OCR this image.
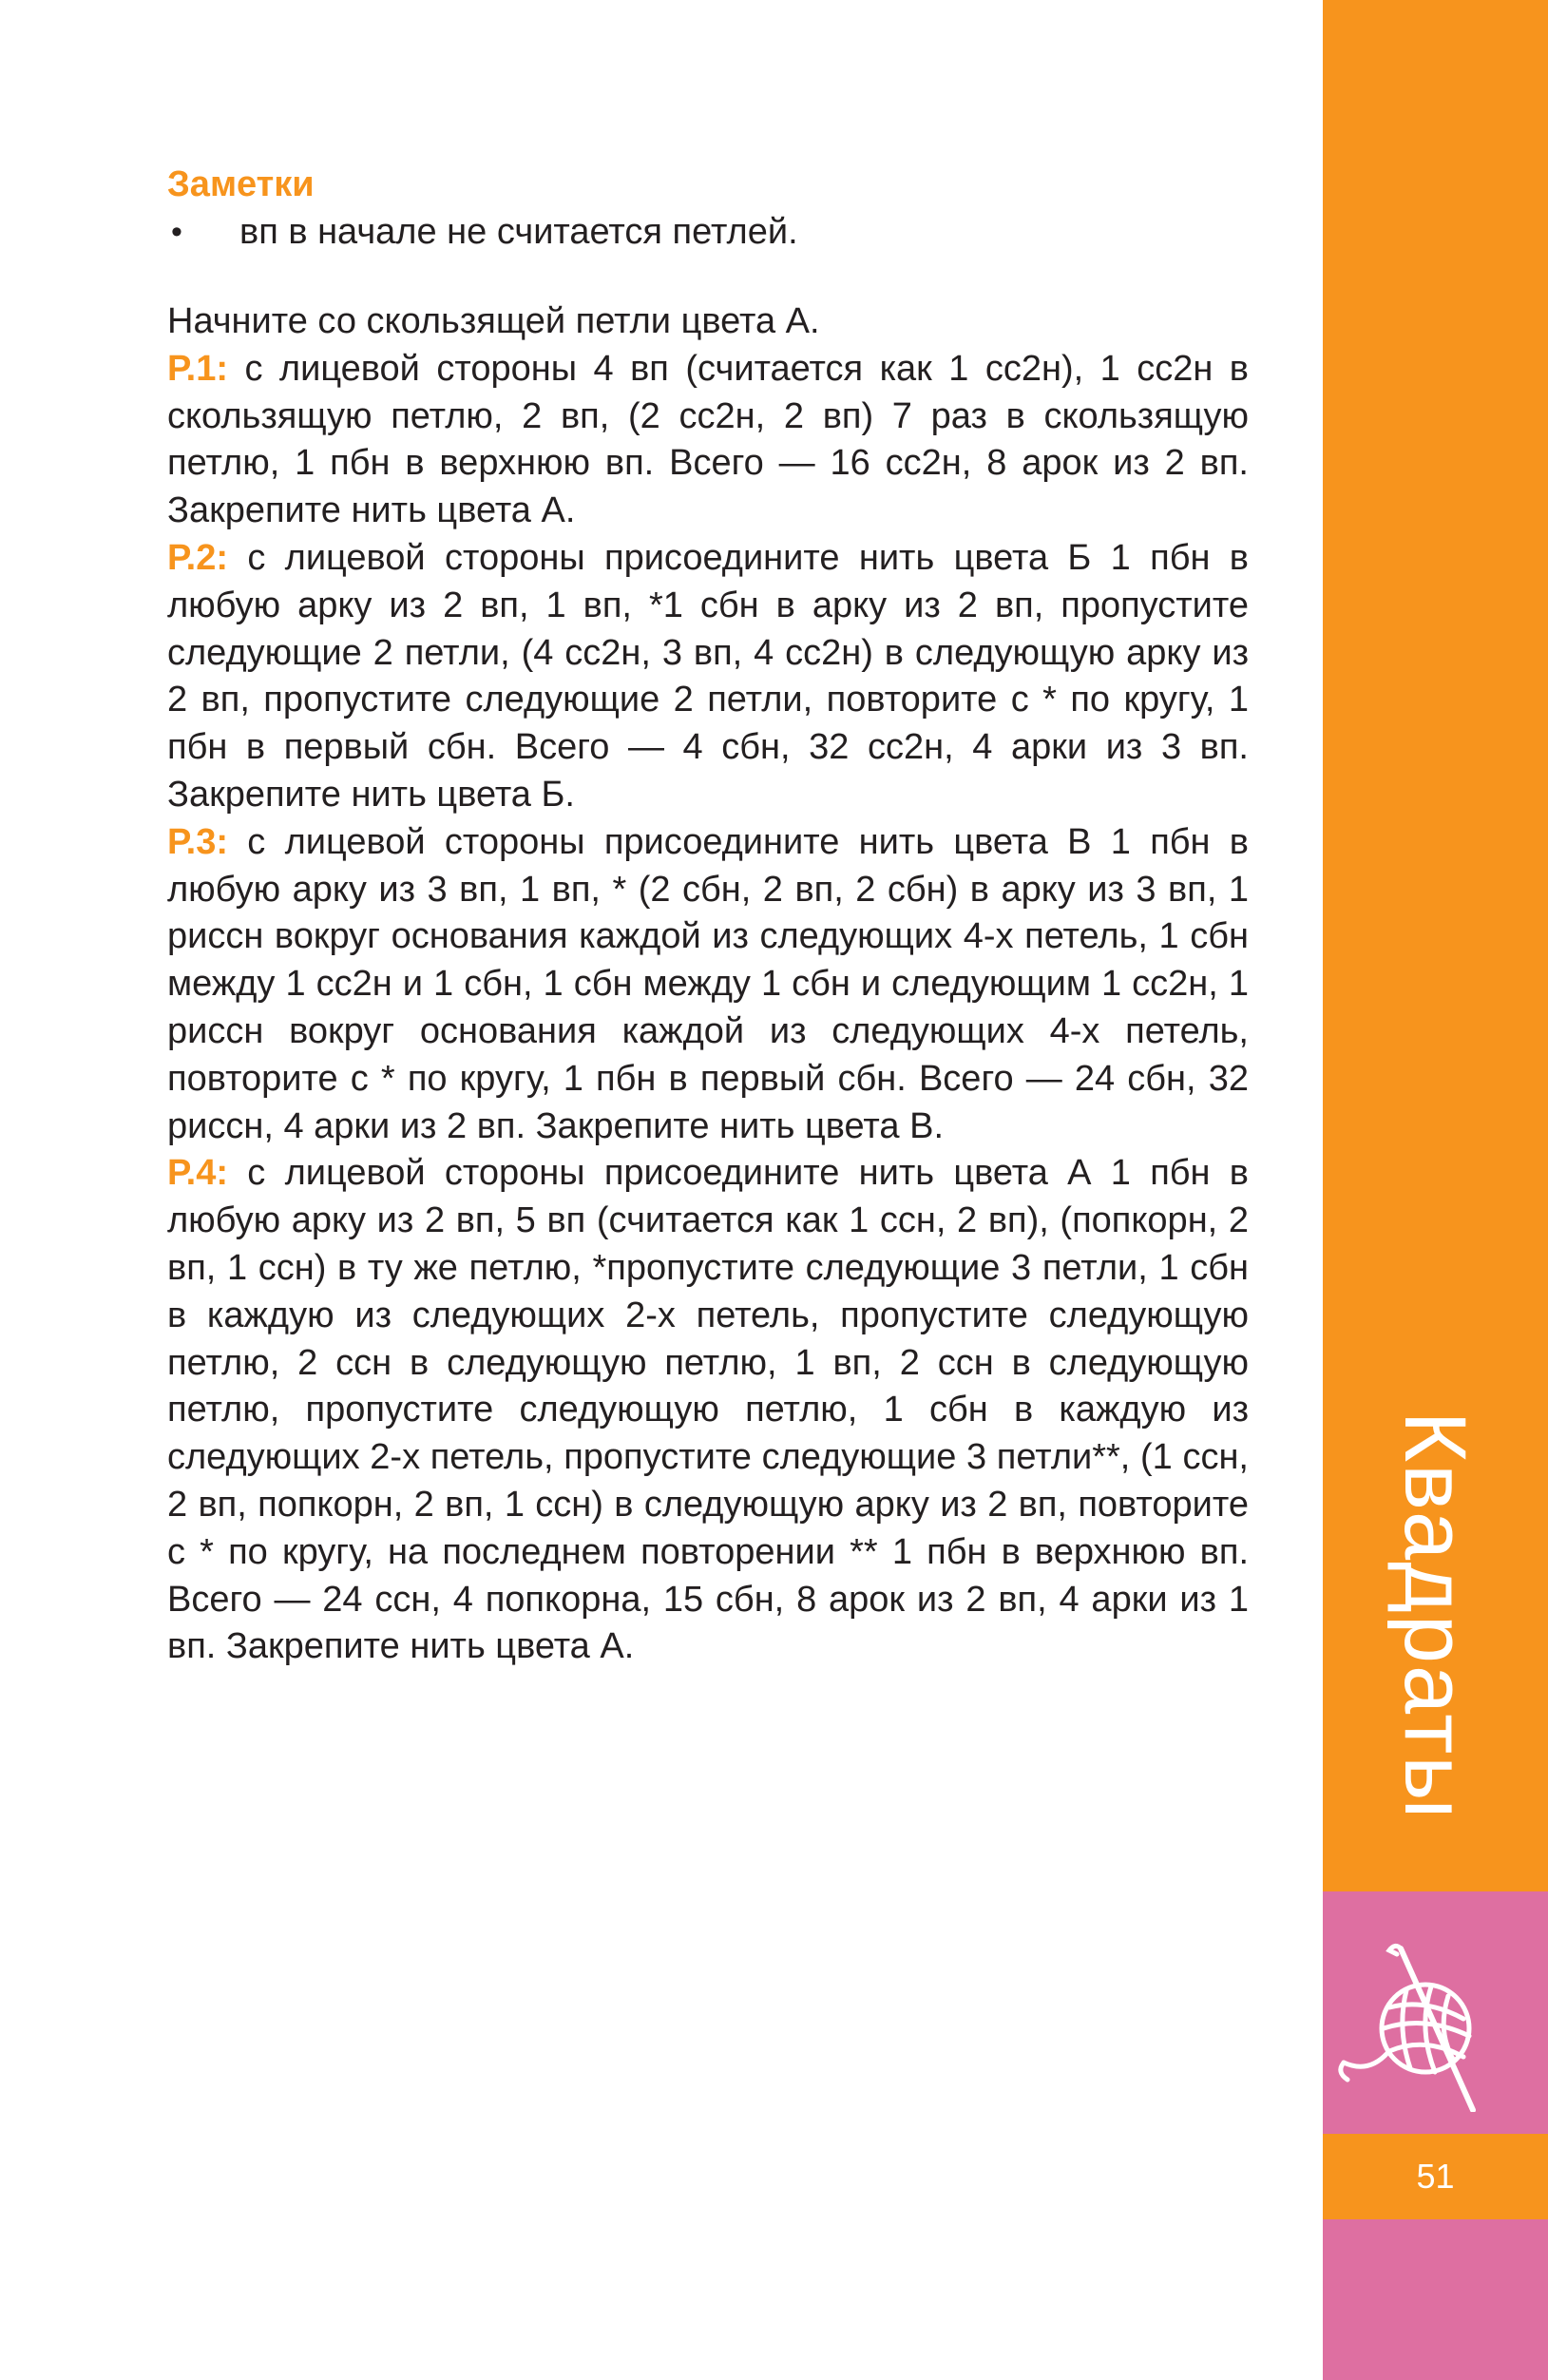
Заметки

• вп в начале не считается петлей.

Начните со скользящей петли цвета А.

Р.1: с лицевой стороны 4 вп (считается как 1 сс2н), 1 сс2н в скользящую петлю, 2 вп, (2 сс2н, 2 вп) 7 раз в скользящую петлю, 1 пбн в верхнюю вп. Всего — 16 сс2н, 8 арок из 2 вп. Закрепите нить цвета А.

Р.2: с лицевой стороны присоедините нить цвета Б 1 пбн в любую арку из 2 вп, 1 вп, *1 сбн в арку из 2 вп, пропустите следующие 2 петли, (4 сс2н, 3 вп, 4 сс2н) в следующую арку из 2 вп, пропустите следующие 2 петли, повторите с * по кругу, 1 пбн в первый сбн. Всего — 4 сбн, 32 сс2н, 4 арки из 3 вп. Закрепите нить цвета Б.

Р.3: с лицевой стороны присоедините нить цвета В 1 пбн в любую арку из 3 вп, 1 вп, * (2 сбн, 2 вп, 2 сбн) в арку из 3 вп, 1 риссн вокруг основания каждой из следующих 4-х петель, 1 сбн между 1 сс2н и 1 сбн, 1 сбн между 1 сбн и следующим 1 сс2н, 1 риссн вокруг основания каждой из следующих 4-х петель, повторите с * по кругу, 1 пбн в первый сбн. Всего — 24 сбн, 32 риссн, 4 арки из 2 вп. Закрепите нить цвета В.

Р.4: с лицевой стороны присоедините нить цвета А 1 пбн в любую арку из 2 вп, 5 вп (считается как 1 ссн, 2 вп), (попкорн, 2 вп, 1 ссн) в ту же петлю, *пропустите следующие 3 петли, 1 сбн в каждую из следующих 2-х петель, пропустите следующую петлю, 2 ссн в следующую петлю, 1 вп, 2 ссн в следующую петлю, пропустите следующую петлю, 1 сбн в каждую из следующих 2-х петель, пропустите следующие 3 петли**, (1 ссн, 2 вп, попкорн, 2 вп, 1 ссн) в следующую арку из 2 вп, повторите с * по кругу, на последнем повторении ** 1 пбн в верхнюю вп. Всего — 24 ссн, 4 попкорна, 15 сбн, 8 арок из 2 вп, 4 арки из 1 вп. Закрепите нить цвета А.	Квадраты
51
